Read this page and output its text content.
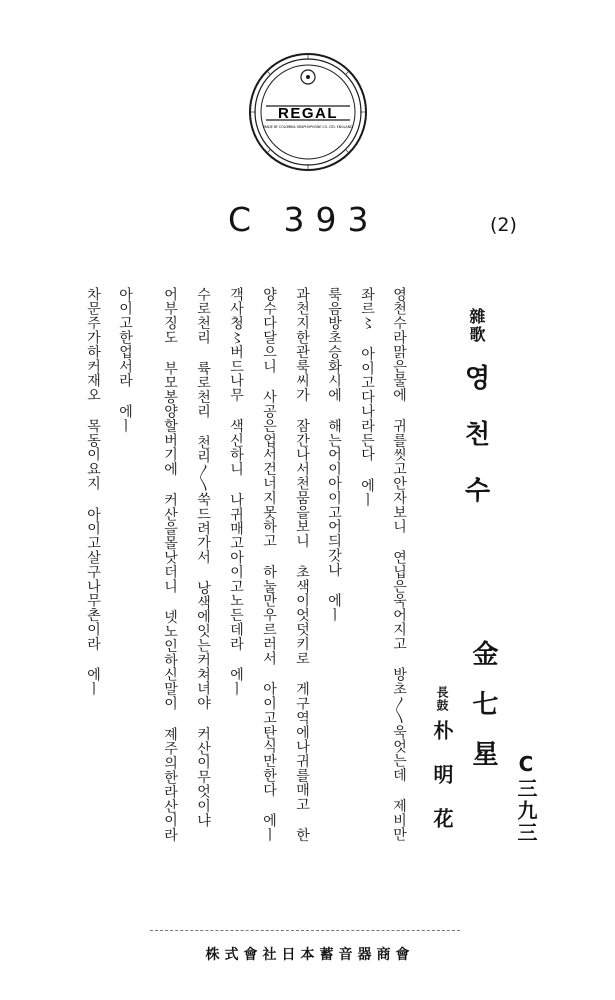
REGAL
MADE BY COLUMBIA GRAPHOPHONE CO. LTD. ENGLAND
C 393	(2)
雜歌
영천수
金七星
長鼓
朴明花	C三九三
영천수라맑은물에 귀를씻고안자보니 연닙은욱어지고 방초〳〵욱엇는데 제비만
좌르〻 아이고다나라든다 에ㅣ
룩음방초승화시에 해는어이아이고어듸갓나 에ㅣ
과천지한관룩씨가 잠간나서천뭄을보니 초색이엇덧키로 게구역에나귀를매고 한
양수다달으니 사공은업서건너지못하고 하눌만우르러서 아이고탄식만한다 에ㅣ
객사청〻버드나무 색신하니 나귀매고아이고노든데라 에ㅣ
수로천리 륙로천리 천리〳〵쑥드려가서 낭색에잇는커쳐녀야 커산이무엇이냐
어부징도 부모봉양할버기에 커산을몰낫더니 넷노인하신말이 졔주의한라산이라
아이고한업서라 에ㅣ
차문주가하커재오 목동이요지 아이고살구나무촌이라 에ㅣ
株式會社日本蓄音器商會
